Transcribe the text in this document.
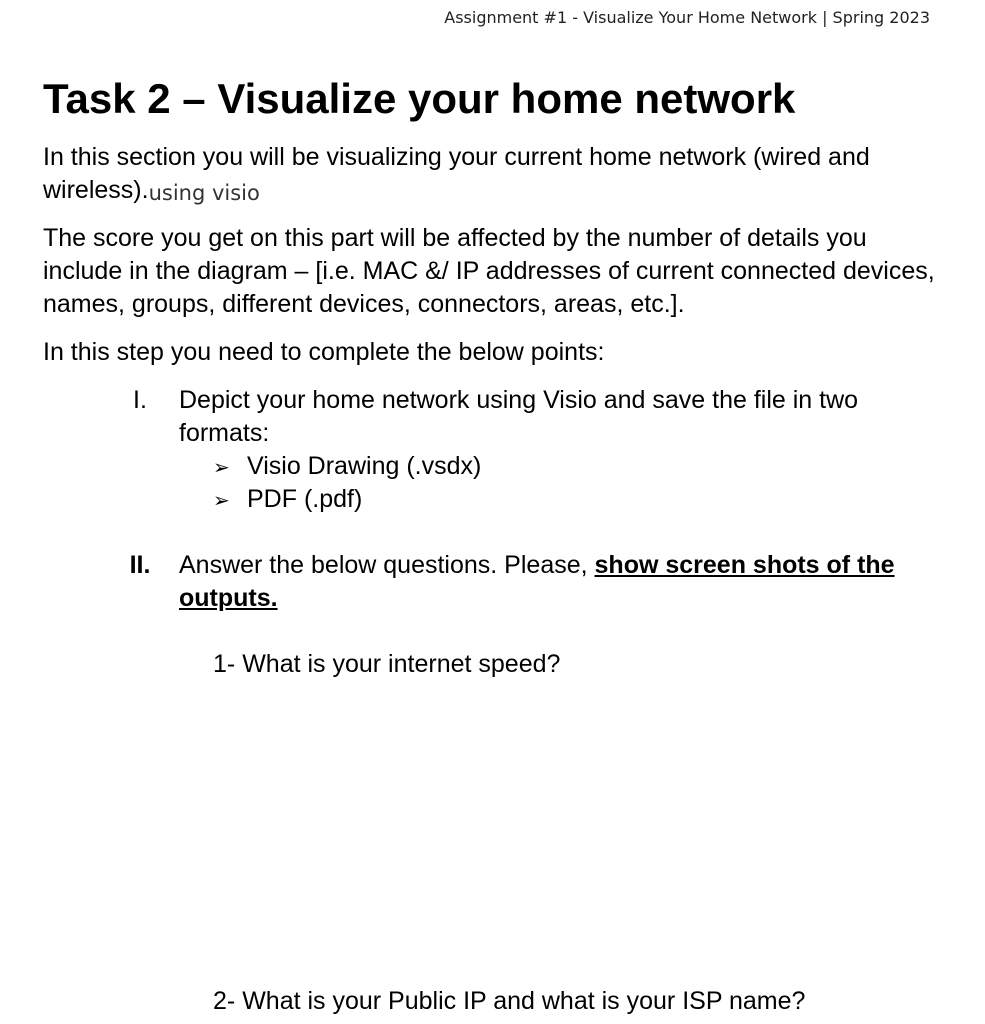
Assignment #1 - Visualize Your Home Network | Spring 2023
Task 2 – Visualize your home network

In this section you will be visualizing your current home network (wired and wireless).using visio

The score you get on this part will be affected by the number of details you include in the diagram – [i.e. MAC &/ IP addresses of current connected devices, names, groups, different devices, connectors, areas, etc.].

In this step you need to complete the below points:

I.	Depict your home network using Visio and save the file in two formats:
➢ Visio Drawing (.vsdx)
➢ PDF (.pdf)
II.	Answer the below questions. Please, show screen shots of the outputs.
1- What is your internet speed?
2- What is your Public IP and what is your ISP name?
